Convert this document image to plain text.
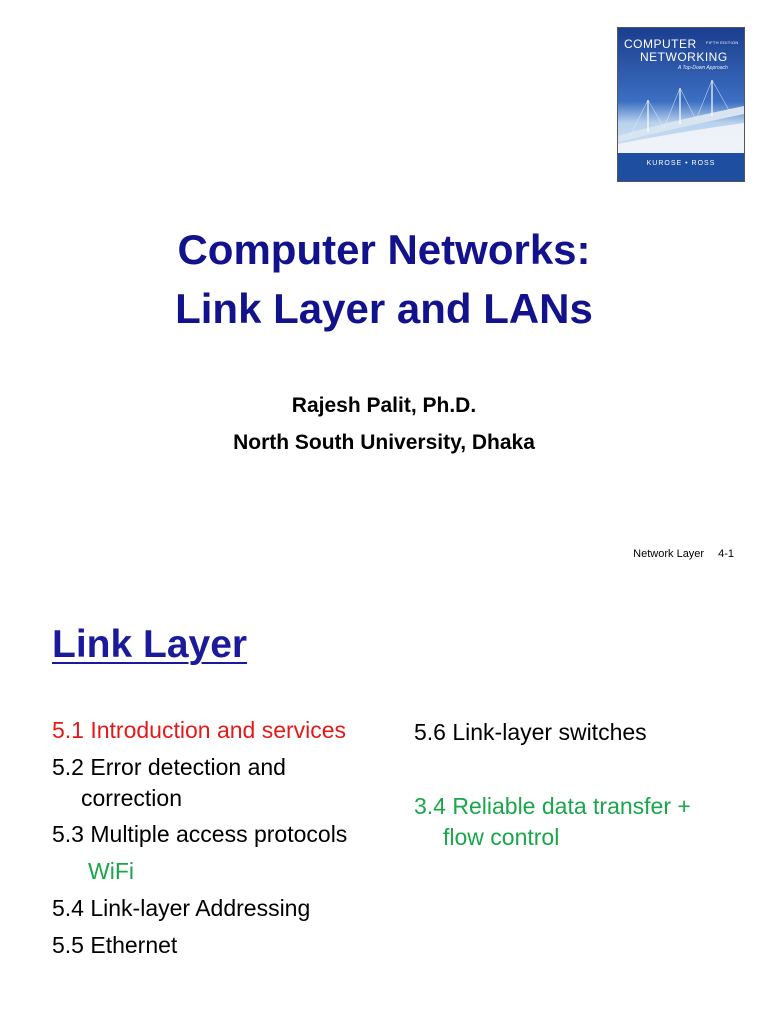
COMPUTER
NETWORKING
FIFTH EDITION
A Top-Down Approach
KUROSE • ROSS
Computer Networks:
Link Layer and LANs
Rajesh Palit, Ph.D.
North South University, Dhaka
Network Layer 4-1
Link Layer
5.1 Introduction and services
5.2 Error detection and
correction
5.3 Multiple access protocols
WiFi
5.4 Link-layer Addressing
5.5 Ethernet
5.6 Link-layer switches
3.4 Reliable data transfer +
flow control
